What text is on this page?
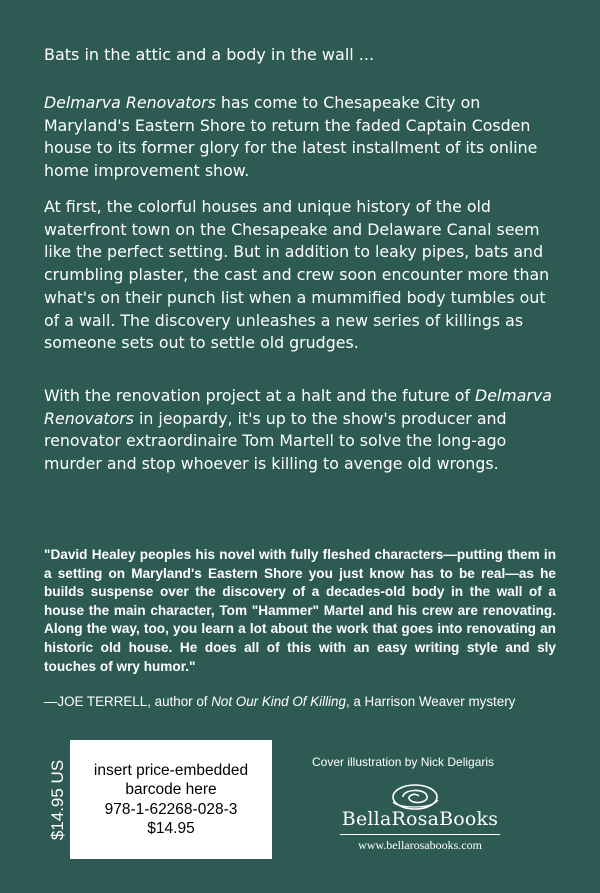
Bats in the attic and a body in the wall ...

Delmarva Renovators has come to Chesapeake City on Maryland's Eastern Shore to return the faded Captain Cosden house to its former glory for the latest installment of its online home improvement show.

At first, the colorful houses and unique history of the old waterfront town on the Chesapeake and Delaware Canal seem like the perfect setting. But in addition to leaky pipes, bats and crumbling plaster, the cast and crew soon encounter more than what's on their punch list when a mummified body tumbles out of a wall. The discovery unleashes a new series of killings as someone sets out to settle old grudges.

With the renovation project at a halt and the future of Delmarva Renovators in jeopardy, it's up to the show's producer and renovator extraordinaire Tom Martell to solve the long-ago murder and stop whoever is killing to avenge old wrongs.

"David Healey peoples his novel with fully fleshed characters—putting them in a setting on Maryland's Eastern Shore you just know has to be real—as he builds suspense over the discovery of a decades-old body in the wall of a house the main character, Tom "Hammer" Martel and his crew are renovating. Along the way, too, you learn a lot about the work that goes into renovating an historic old house. He does all of this with an easy writing style and sly touches of wry humor."

—JOE TERRELL, author of Not Our Kind Of Killing, a Harrison Weaver mystery

$14.95 US	insert price-embedded
barcode here
978-1-62268-028-3
$14.95
Cover illustration by Nick Deligaris
BellaRosaBooks
www.bellarosabooks.com
